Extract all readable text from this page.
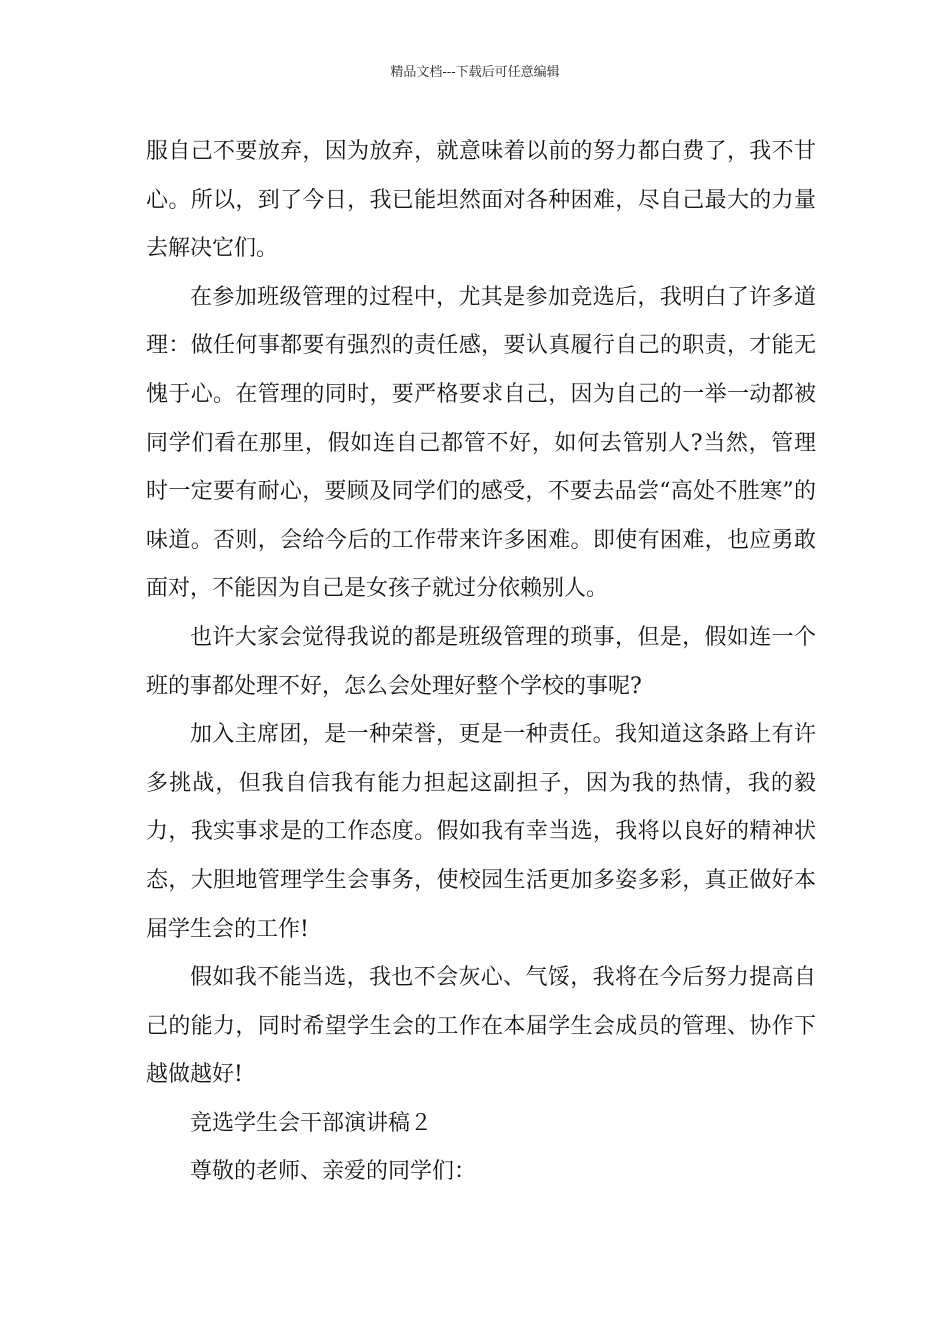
精品文档---下载后可任意编辑

服自己不要放弃，因为放弃，就意味着以前的努力都白费了，我不甘心。所以，到了今日，我已能坦然面对各种困难，尽自己最大的力量去解决它们。

在参加班级管理的过程中，尤其是参加竞选后，我明白了许多道理：做任何事都要有强烈的责任感，要认真履行自己的职责，才能无愧于心。在管理的同时，要严格要求自己，因为自己的一举一动都被同学们看在那里，假如连自己都管不好，如何去管别人?当然，管理时一定要有耐心，要顾及同学们的感受，不要去品尝“高处不胜寒”的味道。否则，会给今后的工作带来许多困难。即使有困难，也应勇敢面对，不能因为自己是女孩子就过分依赖别人。

也许大家会觉得我说的都是班级管理的琐事，但是，假如连一个班的事都处理不好，怎么会处理好整个学校的事呢?

加入主席团，是一种荣誉，更是一种责任。我知道这条路上有许多挑战，但我自信我有能力担起这副担子，因为我的热情，我的毅力，我实事求是的工作态度。假如我有幸当选，我将以良好的精神状态，大胆地管理学生会事务，使校园生活更加多姿多彩，真正做好本届学生会的工作!

假如我不能当选，我也不会灰心、气馁，我将在今后努力提高自己的能力，同时希望学生会的工作在本届学生会成员的管理、协作下越做越好!

竞选学生会干部演讲稿２

尊敬的老师、亲爱的同学们：
